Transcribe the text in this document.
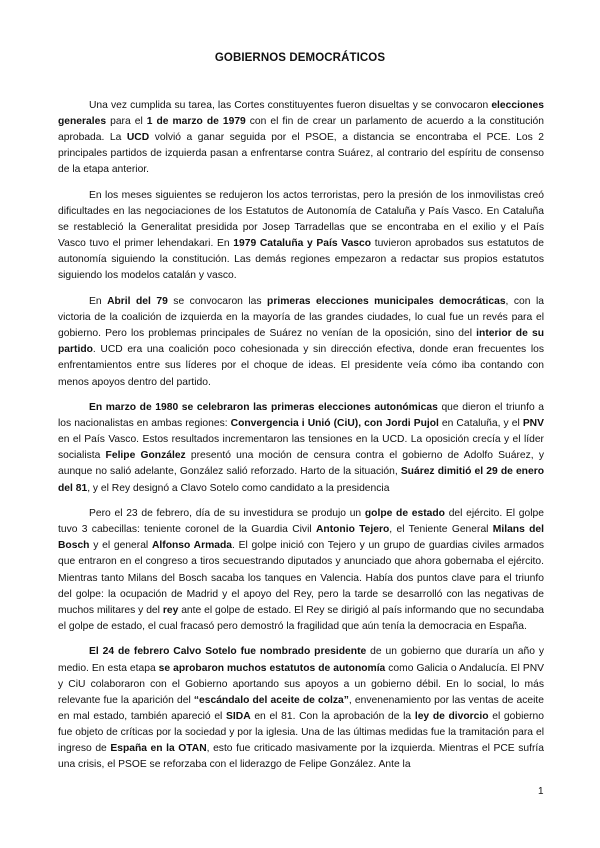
GOBIERNOS DEMOCRÁTICOS

Una vez cumplida su tarea, las Cortes constituyentes fueron disueltas y se convocaron elecciones generales para el 1 de marzo de 1979 con el fin de crear un parlamento de acuerdo a la constitución aprobada. La UCD volvió a ganar seguida por el PSOE, a distancia se encontraba el PCE. Los 2 principales partidos de izquierda pasan a enfrentarse contra Suárez, al contrario del espíritu de consenso de la etapa anterior.

En los meses siguientes se redujeron los actos terroristas, pero la presión de los inmovilistas creó dificultades en las negociaciones de los Estatutos de Autonomía de Cataluña y País Vasco. En Cataluña se restableció la Generalitat presidida por Josep Tarradellas que se encontraba en el exilio y el País Vasco tuvo el primer lehendakari. En 1979 Cataluña y País Vasco tuvieron aprobados sus estatutos de autonomía siguiendo la constitución. Las demás regiones empezaron a redactar sus propios estatutos siguiendo los modelos catalán y vasco.

En Abril del 79 se convocaron las primeras elecciones municipales democráticas, con la victoria de la coalición de izquierda en la mayoría de las grandes ciudades, lo cual fue un revés para el gobierno. Pero los problemas principales de Suárez no venían de la oposición, sino del interior de su partido. UCD era una coalición poco cohesionada y sin dirección efectiva, donde eran frecuentes los enfrentamientos entre sus líderes por el choque de ideas. El presidente veía cómo iba contando con menos apoyos dentro del partido.

En marzo de 1980 se celebraron las primeras elecciones autonómicas que dieron el triunfo a los nacionalistas en ambas regiones: Convergencia i Unió (CiU), con Jordi Pujol en Cataluña, y el PNV en el País Vasco. Estos resultados incrementaron las tensiones en la UCD. La oposición crecía y el líder socialista Felipe González presentó una moción de censura contra el gobierno de Adolfo Suárez, y aunque no salió adelante, González salió reforzado. Harto de la situación, Suárez dimitió el 29 de enero del 81, y el Rey designó a Clavo Sotelo como candidato a la presidencia

Pero el 23 de febrero, día de su investidura se produjo un golpe de estado del ejército. El golpe tuvo 3 cabecillas: teniente coronel de la Guardia Civil Antonio Tejero, el Teniente General Milans del Bosch y el general Alfonso Armada. El golpe inició con Tejero y un grupo de guardias civiles armados que entraron en el congreso a tiros secuestrando diputados y anunciado que ahora gobernaba el ejército. Mientras tanto Milans del Bosch sacaba los tanques en Valencia. Había dos puntos clave para el triunfo del golpe: la ocupación de Madrid y el apoyo del Rey, pero la tarde se desarrolló con las negativas de muchos militares y del rey ante el golpe de estado. El Rey se dirigió al país informando que no secundaba el golpe de estado, el cual fracasó pero demostró la fragilidad que aún tenía la democracia en España.

El 24 de febrero Calvo Sotelo fue nombrado presidente de un gobierno que duraría un año y medio. En esta etapa se aprobaron muchos estatutos de autonomía como Galicia o Andalucía. El PNV y CiU colaboraron con el Gobierno aportando sus apoyos a un gobierno débil. En lo social, lo más relevante fue la aparición del “escándalo del aceite de colza”, envenenamiento por las ventas de aceite en mal estado, también apareció el SIDA en el 81. Con la aprobación de la ley de divorcio el gobierno fue objeto de críticas por la sociedad y por la iglesia. Una de las últimas medidas fue la tramitación para el ingreso de España en la OTAN, esto fue criticado masivamente por la izquierda. Mientras el PCE sufría una crisis, el PSOE se reforzaba con el liderazgo de Felipe González. Ante la

1
